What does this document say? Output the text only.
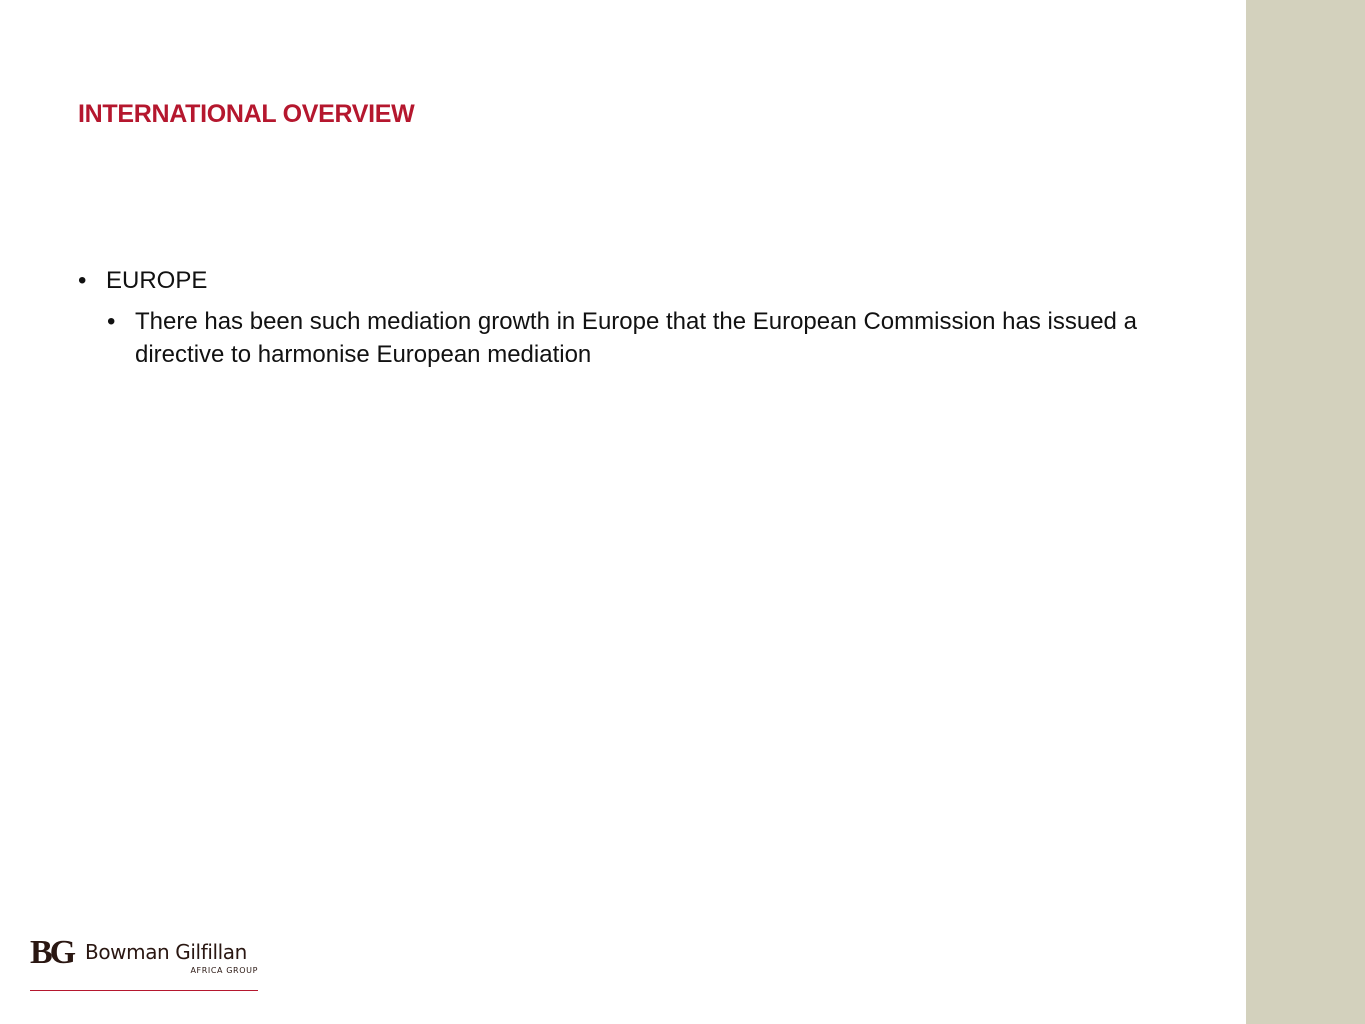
INTERNATIONAL OVERVIEW
• EUROPE
• There has been such mediation growth in Europe that the European Commission has issued a directive to harmonise European mediation
BG Bowman Gilfillan
AFRICA GROUP
